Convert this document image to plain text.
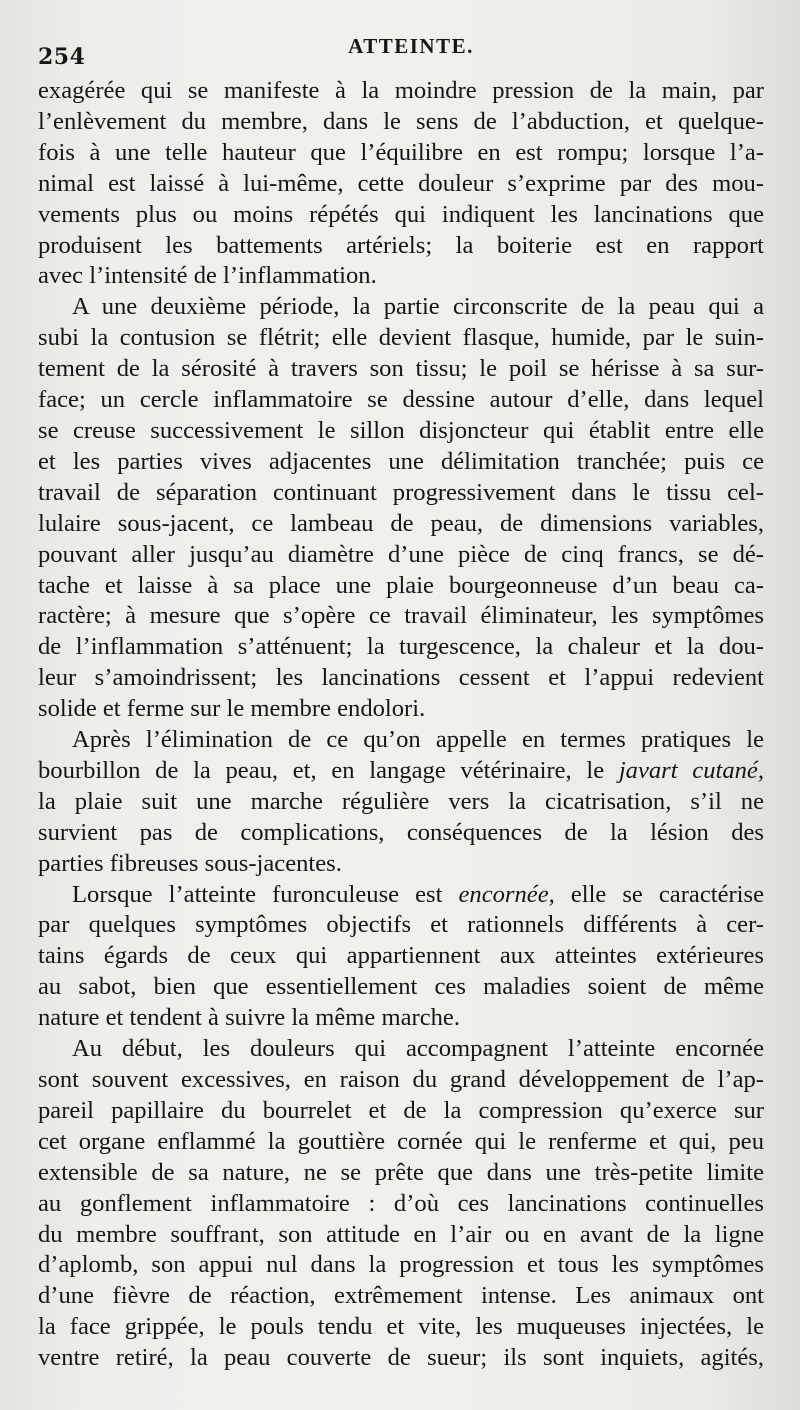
254	ATTEINTE.
exagérée qui se manifeste à la moindre pression de la main, par
l’enlèvement du membre, dans le sens de l’abduction, et quelque-
fois à une telle hauteur que l’équilibre en est rompu; lorsque l’a-
nimal est laissé à lui-même, cette douleur s’exprime par des mou-
vements plus ou moins répétés qui indiquent les lancinations que
produisent les battements artériels; la boiterie est en rapport
avec l’intensité de l’inflammation.
A une deuxième période, la partie circonscrite de la peau qui a
subi la contusion se flétrit; elle devient flasque, humide, par le suin-
tement de la sérosité à travers son tissu; le poil se hérisse à sa sur-
face; un cercle inflammatoire se dessine autour d’elle, dans lequel
se creuse successivement le sillon disjoncteur qui établit entre elle
et les parties vives adjacentes une délimitation tranchée; puis ce
travail de séparation continuant progressivement dans le tissu cel-
lulaire sous-jacent, ce lambeau de peau, de dimensions variables,
pouvant aller jusqu’au diamètre d’une pièce de cinq francs, se dé-
tache et laisse à sa place une plaie bourgeonneuse d’un beau ca-
ractère; à mesure que s’opère ce travail éliminateur, les symptômes
de l’inflammation s’atténuent; la turgescence, la chaleur et la dou-
leur s’amoindrissent; les lancinations cessent et l’appui redevient
solide et ferme sur le membre endolori.
Après l’élimination de ce qu’on appelle en termes pratiques le
bourbillon de la peau, et, en langage vétérinaire, le javart cutané,
la plaie suit une marche régulière vers la cicatrisation, s’il ne
survient pas de complications, conséquences de la lésion des
parties fibreuses sous-jacentes.
Lorsque l’atteinte furonculeuse est encornée, elle se caractérise
par quelques symptômes objectifs et rationnels différents à cer-
tains égards de ceux qui appartiennent aux atteintes extérieures
au sabot, bien que essentiellement ces maladies soient de même
nature et tendent à suivre la même marche.
Au début, les douleurs qui accompagnent l’atteinte encornée
sont souvent excessives, en raison du grand développement de l’ap-
pareil papillaire du bourrelet et de la compression qu’exerce sur
cet organe enflammé la gouttière cornée qui le renferme et qui, peu
extensible de sa nature, ne se prête que dans une très-petite limite
au gonflement inflammatoire : d’où ces lancinations continuelles
du membre souffrant, son attitude en l’air ou en avant de la ligne
d’aplomb, son appui nul dans la progression et tous les symptômes
d’une fièvre de réaction, extrêmement intense. Les animaux ont
la face grippée, le pouls tendu et vite, les muqueuses injectées, le
ventre retiré, la peau couverte de sueur; ils sont inquiets, agités,
